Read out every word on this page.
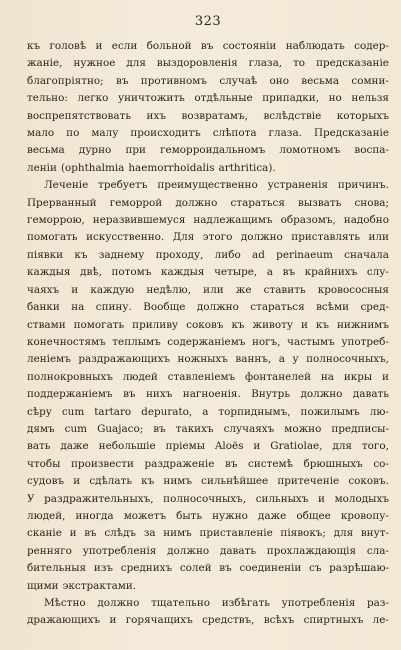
323
къ головѣ и если больной въ состояніи наблюдать содер-
жаніе, нужное для выздоровленія глаза, то предсказаніе
благопріятно; въ противномъ случаѣ оно весьма сомни-
тельно: легко уничтожить отдѣльные припадки, но нельзя
воспрепятствовать ихъ возвратамъ, вслѣдствіе которыхъ
мало по малу происходитъ слѣпота глаза. Предсказаніе
весьма дурно при геморроидальномъ ломотномъ воспа-
леніи (ophthalmia haemorrhoidalis arthritica).
Леченіе требуетъ преимущественно устраненія причинъ.
Прерванный геморрой должно стараться вызвать снова;
геморрою, неразвившемуся надлежащимъ образомъ, надобно
помогать искусственно. Для этого должно приставлять или
піявки къ заднему проходу, либо ad perinaeum сначала
каждыя двѣ, потомъ каждыя четыре, а въ крайнихъ слу-
чаяхъ и каждую недѣлю, или же ставить кровососныя
банки на спину. Вообще должно стараться всѣми сред-
ствами помогать приливу соковъ къ животу и къ нижнимъ
конечностямъ теплымъ содержаніемъ ногъ, частымъ употреб-
леніемъ раздражающихъ ножныхъ ваннъ, а у полносочныхъ,
полнокровныхъ людей ставленіемъ фонтанелей на икры и
поддержаніемъ въ нихъ нагноенія. Внутрь должно давать
сѣру cum tartaro depurato, а торпиднымъ, пожилымъ лю-
дямъ cum Guajaco; въ такихъ случаяхъ можно предписы-
вать даже небольшіе пріемы Aloës и Gratiolae, для того,
чтобы произвести раздраженіе въ системѣ брюшныхъ со-
судовъ и сдѣлать къ нимъ сильнѣйшее притеченіе соковъ.
У раздражительныхъ, полносочныхъ, сильныхъ и молодыхъ
людей, иногда можетъ быть нужно даже общее кровопу-
сканіе и въ слѣдъ за нимъ приставленіе піявокъ; для внут-
ренняго употребленія должно давать прохлаждающія сла-
бительныя изъ среднихъ солей въ соединеніи съ разрѣшаю-
щими экстрактами.
Мѣстно должно тщательно избѣгать употребленія раз-
дражающихъ и горячащихъ средствъ, всѣхъ спиртныхъ ле-
